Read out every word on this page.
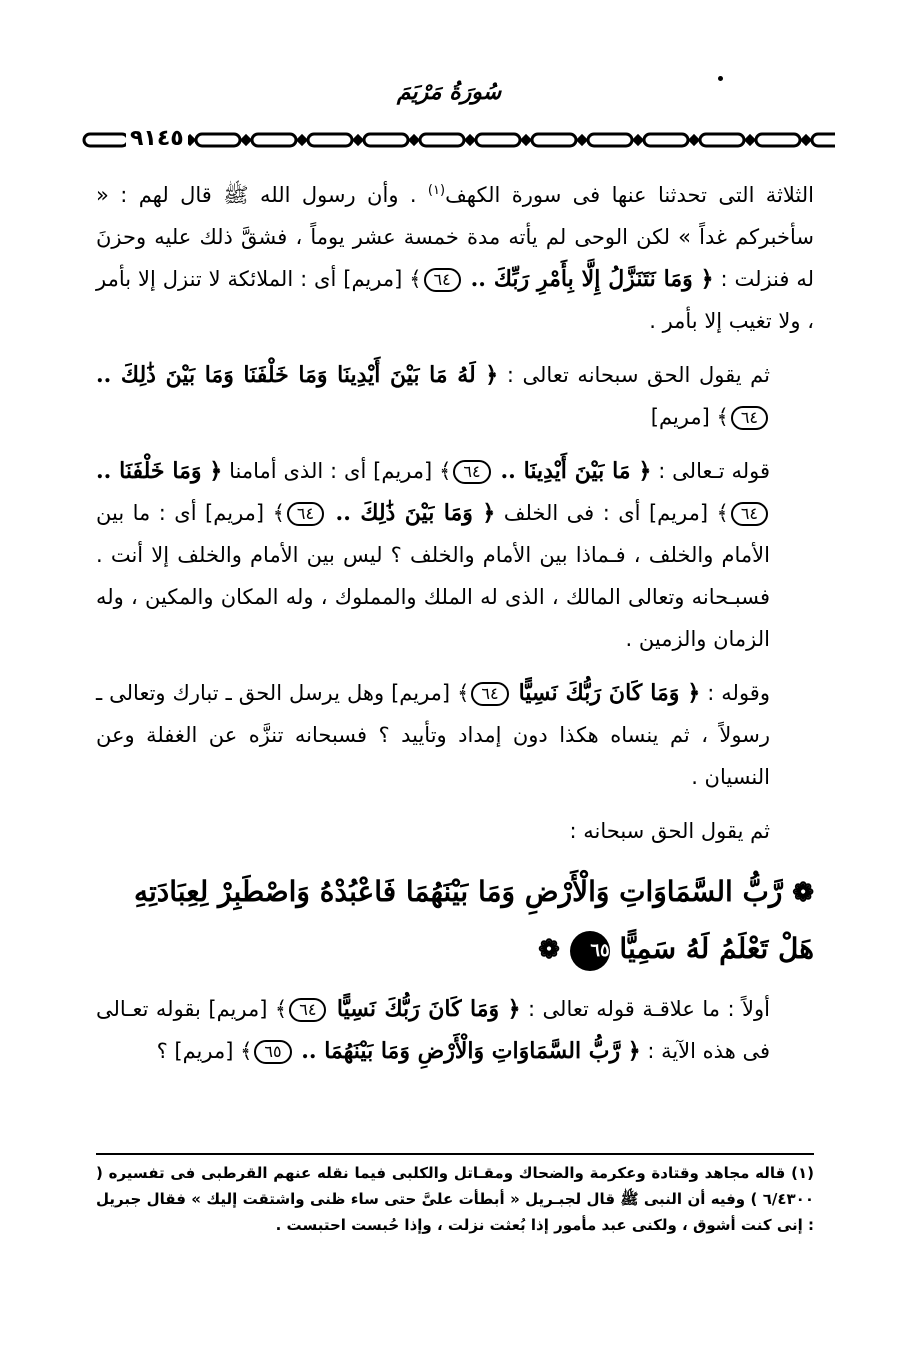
سُورَةُ مَرْيَمَ
٩١٤٥

الثلاثة التى تحدثنا عنها فى سورة الكهف$^{(١)}$ . وأن رسول الله ﷺ قال لهم : « سأخبركم غداً » لكن الوحى لم يأته مدة خمسة عشر يوماً ، فشقَّ ذلك عليه وحزنَ له فنزلت : ﴿ وَمَا نَتَنَزَّلُ إِلَّا بِأَمْرِ رَبِّكَ .. ٦٤﴾ [مريم] أى : الملائكة لا تنزل إلا بأمر ، ولا تغيب إلا بأمر .

ثم يقول الحق سبحانه تعالى : ﴿ لَهُ مَا بَيْنَ أَيْدِينَا وَمَا خَلْفَنَا وَمَا بَيْنَ ذَٰلِكَ .. ٦٤﴾ [مريم]

قوله تـعالى : ﴿ مَا بَيْنَ أَيْدِينَا .. ٦٤﴾ [مريم] أى : الذى أمامنا ﴿ وَمَا خَلْفَنَا .. ٦٤﴾ [مريم] أى : فى الخلف ﴿ وَمَا بَيْنَ ذَٰلِكَ .. ٦٤﴾ [مريم] أى : ما بين الأمام والخلف ، فـماذا بين الأمام والخلف ؟ ليس بين الأمام والخلف إلا أنت . فسبـحانه وتعالى المالك ، الذى له الملك والمملوك ، وله المكان والمكين ، وله الزمان والزمين .

وقوله : ﴿ وَمَا كَانَ رَبُّكَ نَسِيًّا ٦٤﴾ [مريم] وهل يرسل الحق ـ تبارك وتعالى ـ رسولاً ، ثم ينساه هكذا دون إمداد وتأييد ؟ فسبحانه تنزَّه عن الغفلة وعن النسيان .

ثم يقول الحق سبحانه :

❁ رَّبُّ السَّمَاوَاتِ وَالْأَرْضِ وَمَا بَيْنَهُمَا فَاعْبُدْهُ وَاصْطَبِرْ لِعِبَادَتِهِ
هَلْ تَعْلَمُ لَهُ سَمِيًّا ٦٥ ❁

أولاً : ما علاقـة قوله تعالى : ﴿ وَمَا كَانَ رَبُّكَ نَسِيًّا ٦٤﴾ [مريم] بقوله تعـالى فى هذه الآية : ﴿ رَّبُّ السَّمَاوَاتِ وَالْأَرْضِ وَمَا بَيْنَهُمَا .. ٦٥﴾ [مريم] ؟

(١) قاله مجاهد وقتادة وعكرمة والضحاك ومقـاتل والكلبى فيما نقله عنهم القرطبى فى تفسيره ( ٦/٤٣٠٠ ) وفيه أن النبى ﷺ قال لجبـريل « أبطأت علىَّ حتى ساء ظنى واشتقت إليك » فقال جبريل : إنى كنت أشوق ، ولكنى عبد مأمور إذا بُعثت نزلت ، وإذا حُبست احتبست .
